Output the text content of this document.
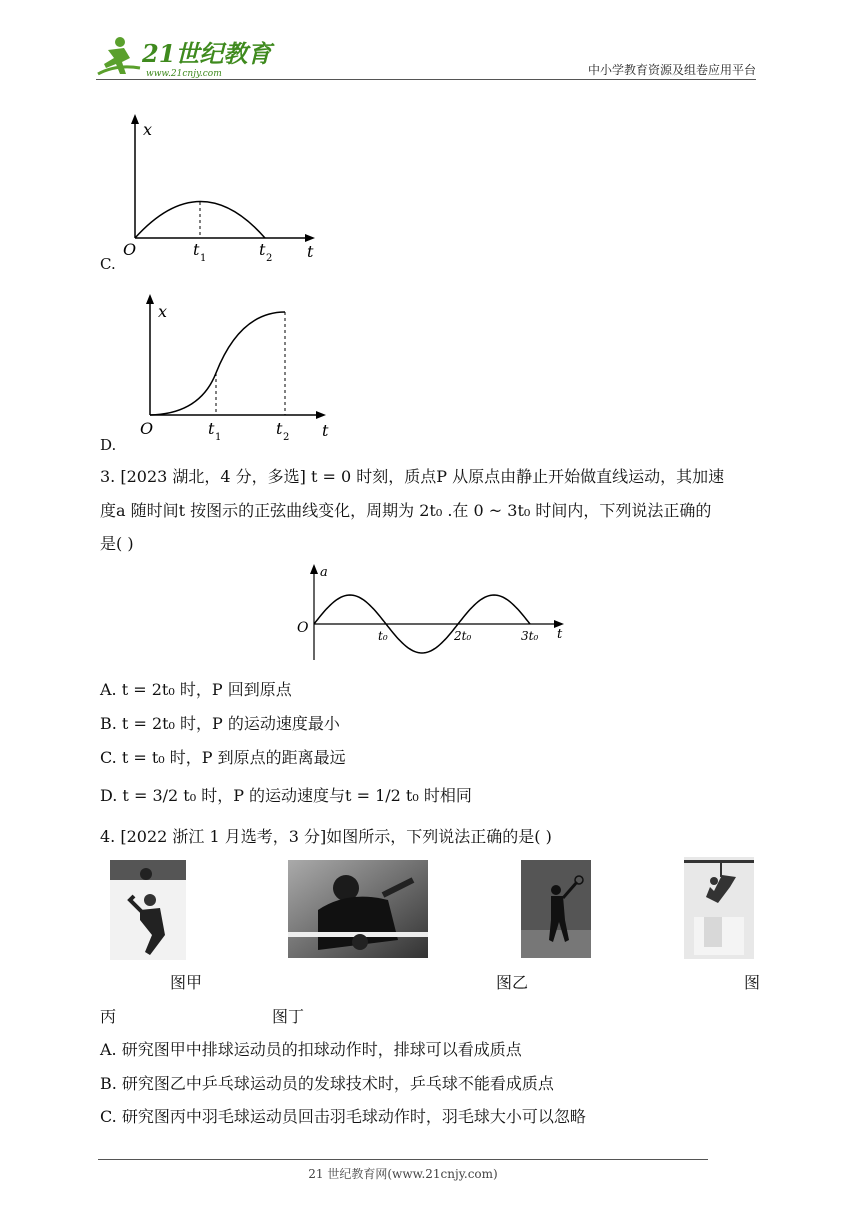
21世纪教育
www.21cnjy.com	中小学教育资源及组卷应用平台
C.
x
O	t 1	t 2 t
D.
x
O	t 1	t 2 t
3. [2023 湖北，4 分，多选] t = 0 时刻，质点P 从原点由静止开始做直线运动，其加速
度a 随时间t 按图示的正弦曲线变化，周期为 2t₀ .在 0 ~ 3t₀ 时间内，下列说法正确的
是( )
a
O	t₀	2t₀	3t₀ t
A. t = 2t₀ 时，P 回到原点
B. t = 2t₀ 时，P 的运动速度最小
C. t = t₀ 时，P 到原点的距离最远
D. t = 3/2 t₀ 时，P 的运动速度与t = 1/2 t₀ 时相同
4. [2022 浙江 1 月选考，3 分]如图所示，下列说法正确的是( )
图甲	图乙	图
丙	图丁
A. 研究图甲中排球运动员的扣球动作时，排球可以看成质点
B. 研究图乙中乒乓球运动员的发球技术时，乒乓球不能看成质点
C. 研究图丙中羽毛球运动员回击羽毛球动作时，羽毛球大小可以忽略
21 世纪教育网(www.21cnjy.com)
